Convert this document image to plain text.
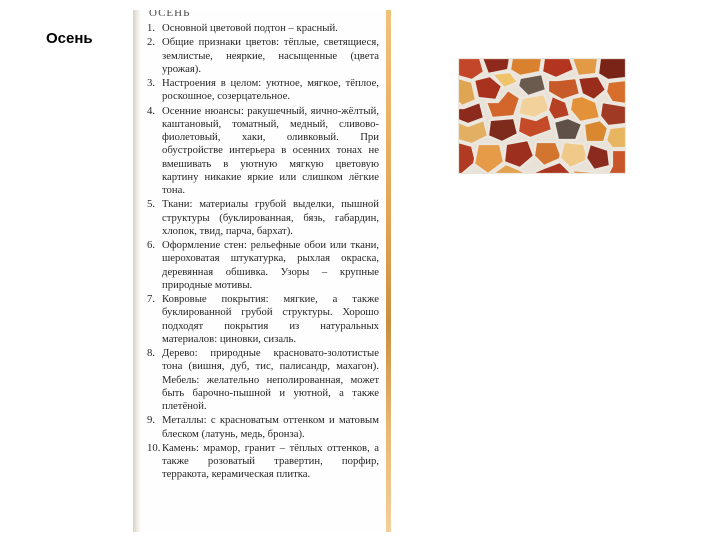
Осень
ОСЕНЬ
1. Основной цветовой подтон – красный.
2. Общие признаки цветов: тёплые, светящиеся, землистые, неяркие, насыщенные (цвета урожая).
3. Настроения в целом: уютное, мягкое, тёплое, роскошное, созерцательное.
4. Осенние нюансы: ракушечный, яично-жёлтый, каштановый, томатный, медный, сливово-фиолетовый, хаки, оливковый. При обустройстве интерьера в осенних тонах не вмешивать в уютную мягкую цветовую картину никакие яркие или слишком лёгкие тона.
5. Ткани: материалы грубой выделки, пышной структуры (буклированная, бязь, габардин, хлопок, твид, парча, бархат).
6. Оформление стен: рельефные обои или ткани, шероховатая штукатурка, рыхлая окраска, деревянная обшивка. Узоры – крупные природные мотивы.
7. Ковровые покрытия: мягкие, а также буклированной грубой структуры. Хорошо подходят покрытия из натуральных материалов: циновки, сизаль.
8. Дерево: природные красновато-золотистые тона (вишня, дуб, тис, палисандр, махагон). Мебель: желательно неполированная, может быть барочно-пышной и уютной, а также плетёной.
9. Металлы: с красноватым оттенком и матовым блеском (латунь, медь, бронза).
10. Камень: мрамор, гранит – тёплых оттенков, а также розоватый травертин, порфир, терракота, керамическая плитка.
